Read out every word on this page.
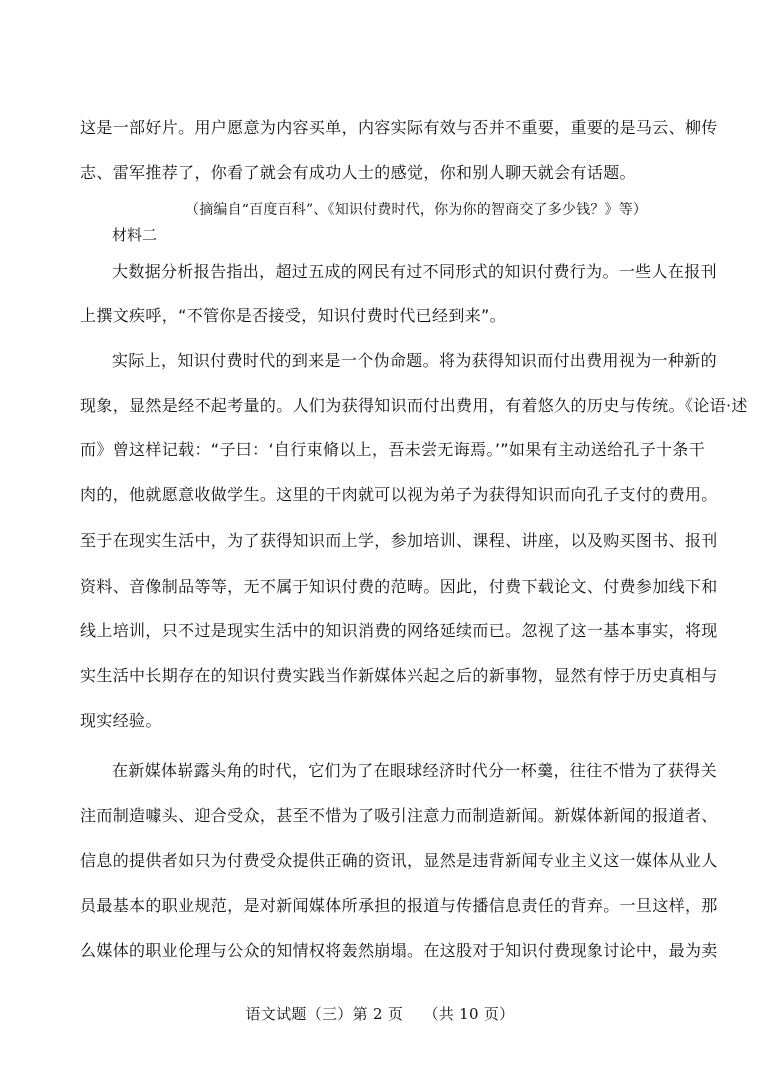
这是一部好片。用户愿意为内容买单，内容实际有效与否并不重要，重要的是马云、柳传
志、雷军推荐了，你看了就会有成功人士的感觉，你和别人聊天就会有话题。
（摘编自“百度百科”、《知识付费时代，你为你的智商交了多少钱？》等）
材料二
大数据分析报告指出，超过五成的网民有过不同形式的知识付费行为。一些人在报刊
上撰文疾呼，“不管你是否接受，知识付费时代已经到来”。
实际上，知识付费时代的到来是一个伪命题。将为获得知识而付出费用视为一种新的
现象，显然是经不起考量的。人们为获得知识而付出费用，有着悠久的历史与传统。《论语·述
而》曾这样记载：“子曰：‘自行束脩以上，吾未尝无诲焉。’”如果有主动送给孔子十条干
肉的，他就愿意收做学生。这里的干肉就可以视为弟子为获得知识而向孔子支付的费用。
至于在现实生活中，为了获得知识而上学，参加培训、课程、讲座，以及购买图书、报刊
资料、音像制品等等，无不属于知识付费的范畴。因此，付费下载论文、付费参加线下和
线上培训，只不过是现实生活中的知识消费的网络延续而已。忽视了这一基本事实，将现
实生活中长期存在的知识付费实践当作新媒体兴起之后的新事物，显然有悖于历史真相与
现实经验。
在新媒体崭露头角的时代，它们为了在眼球经济时代分一杯羹，往往不惜为了获得关
注而制造噱头、迎合受众，甚至不惜为了吸引注意力而制造新闻。新媒体新闻的报道者、
信息的提供者如只为付费受众提供正确的资讯，显然是违背新闻专业主义这一媒体从业人
员最基本的职业规范，是对新闻媒体所承担的报道与传播信息责任的背弃。一旦这样，那
么媒体的职业伦理与公众的知情权将轰然崩塌。在这股对于知识付费现象讨论中，最为卖
语文试题（三）第 2 页    （共 10 页）
